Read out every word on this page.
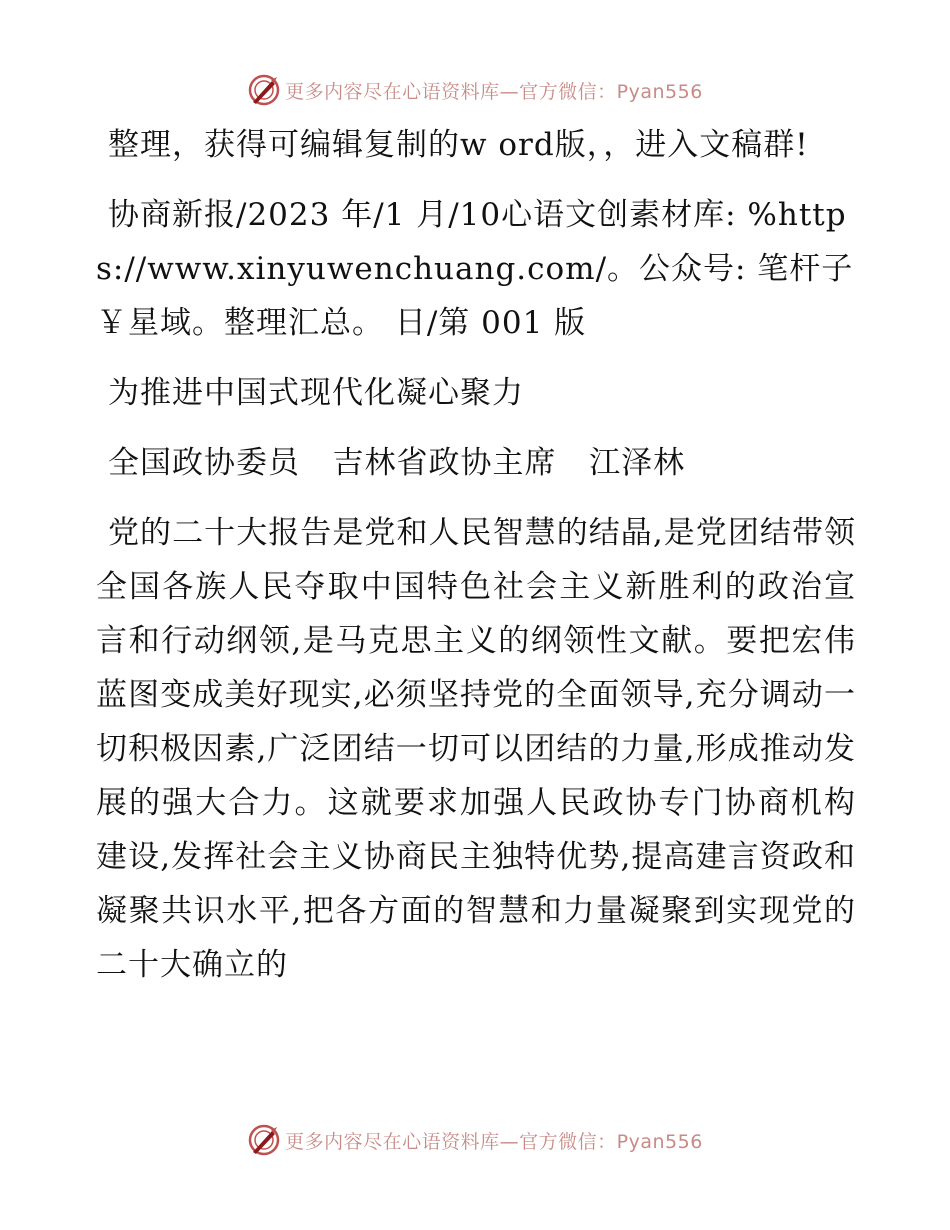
更多内容尽在心语资料库—官方微信：Pyan556

整理，获得可编辑复制的w ord版，，进入文稿群!

协商新报/2023 年/1 月/10心语文创素材库: %https://www.xinyuwenchuang.com/。公众号: 笔杆子￥星域。整理汇总。 日/第 001 版

为推进中国式现代化凝心聚力

全国政协委员   吉林省政协主席   江泽林

党的二十大报告是党和人民智慧的结晶,是党团结带领全国各族人民夺取中国特色社会主义新胜利的政治宣言和行动纲领,是马克思主义的纲领性文献。要把宏伟蓝图变成美好现实,必须坚持党的全面领导,充分调动一切积极因素,广泛团结一切可以团结的力量,形成推动发展的强大合力。这就要求加强人民政协专门协商机构建设,发挥社会主义协商民主独特优势,提高建言资政和凝聚共识水平,把各方面的智慧和力量凝聚到实现党的二十大确立的

更多内容尽在心语资料库—官方微信：Pyan556
